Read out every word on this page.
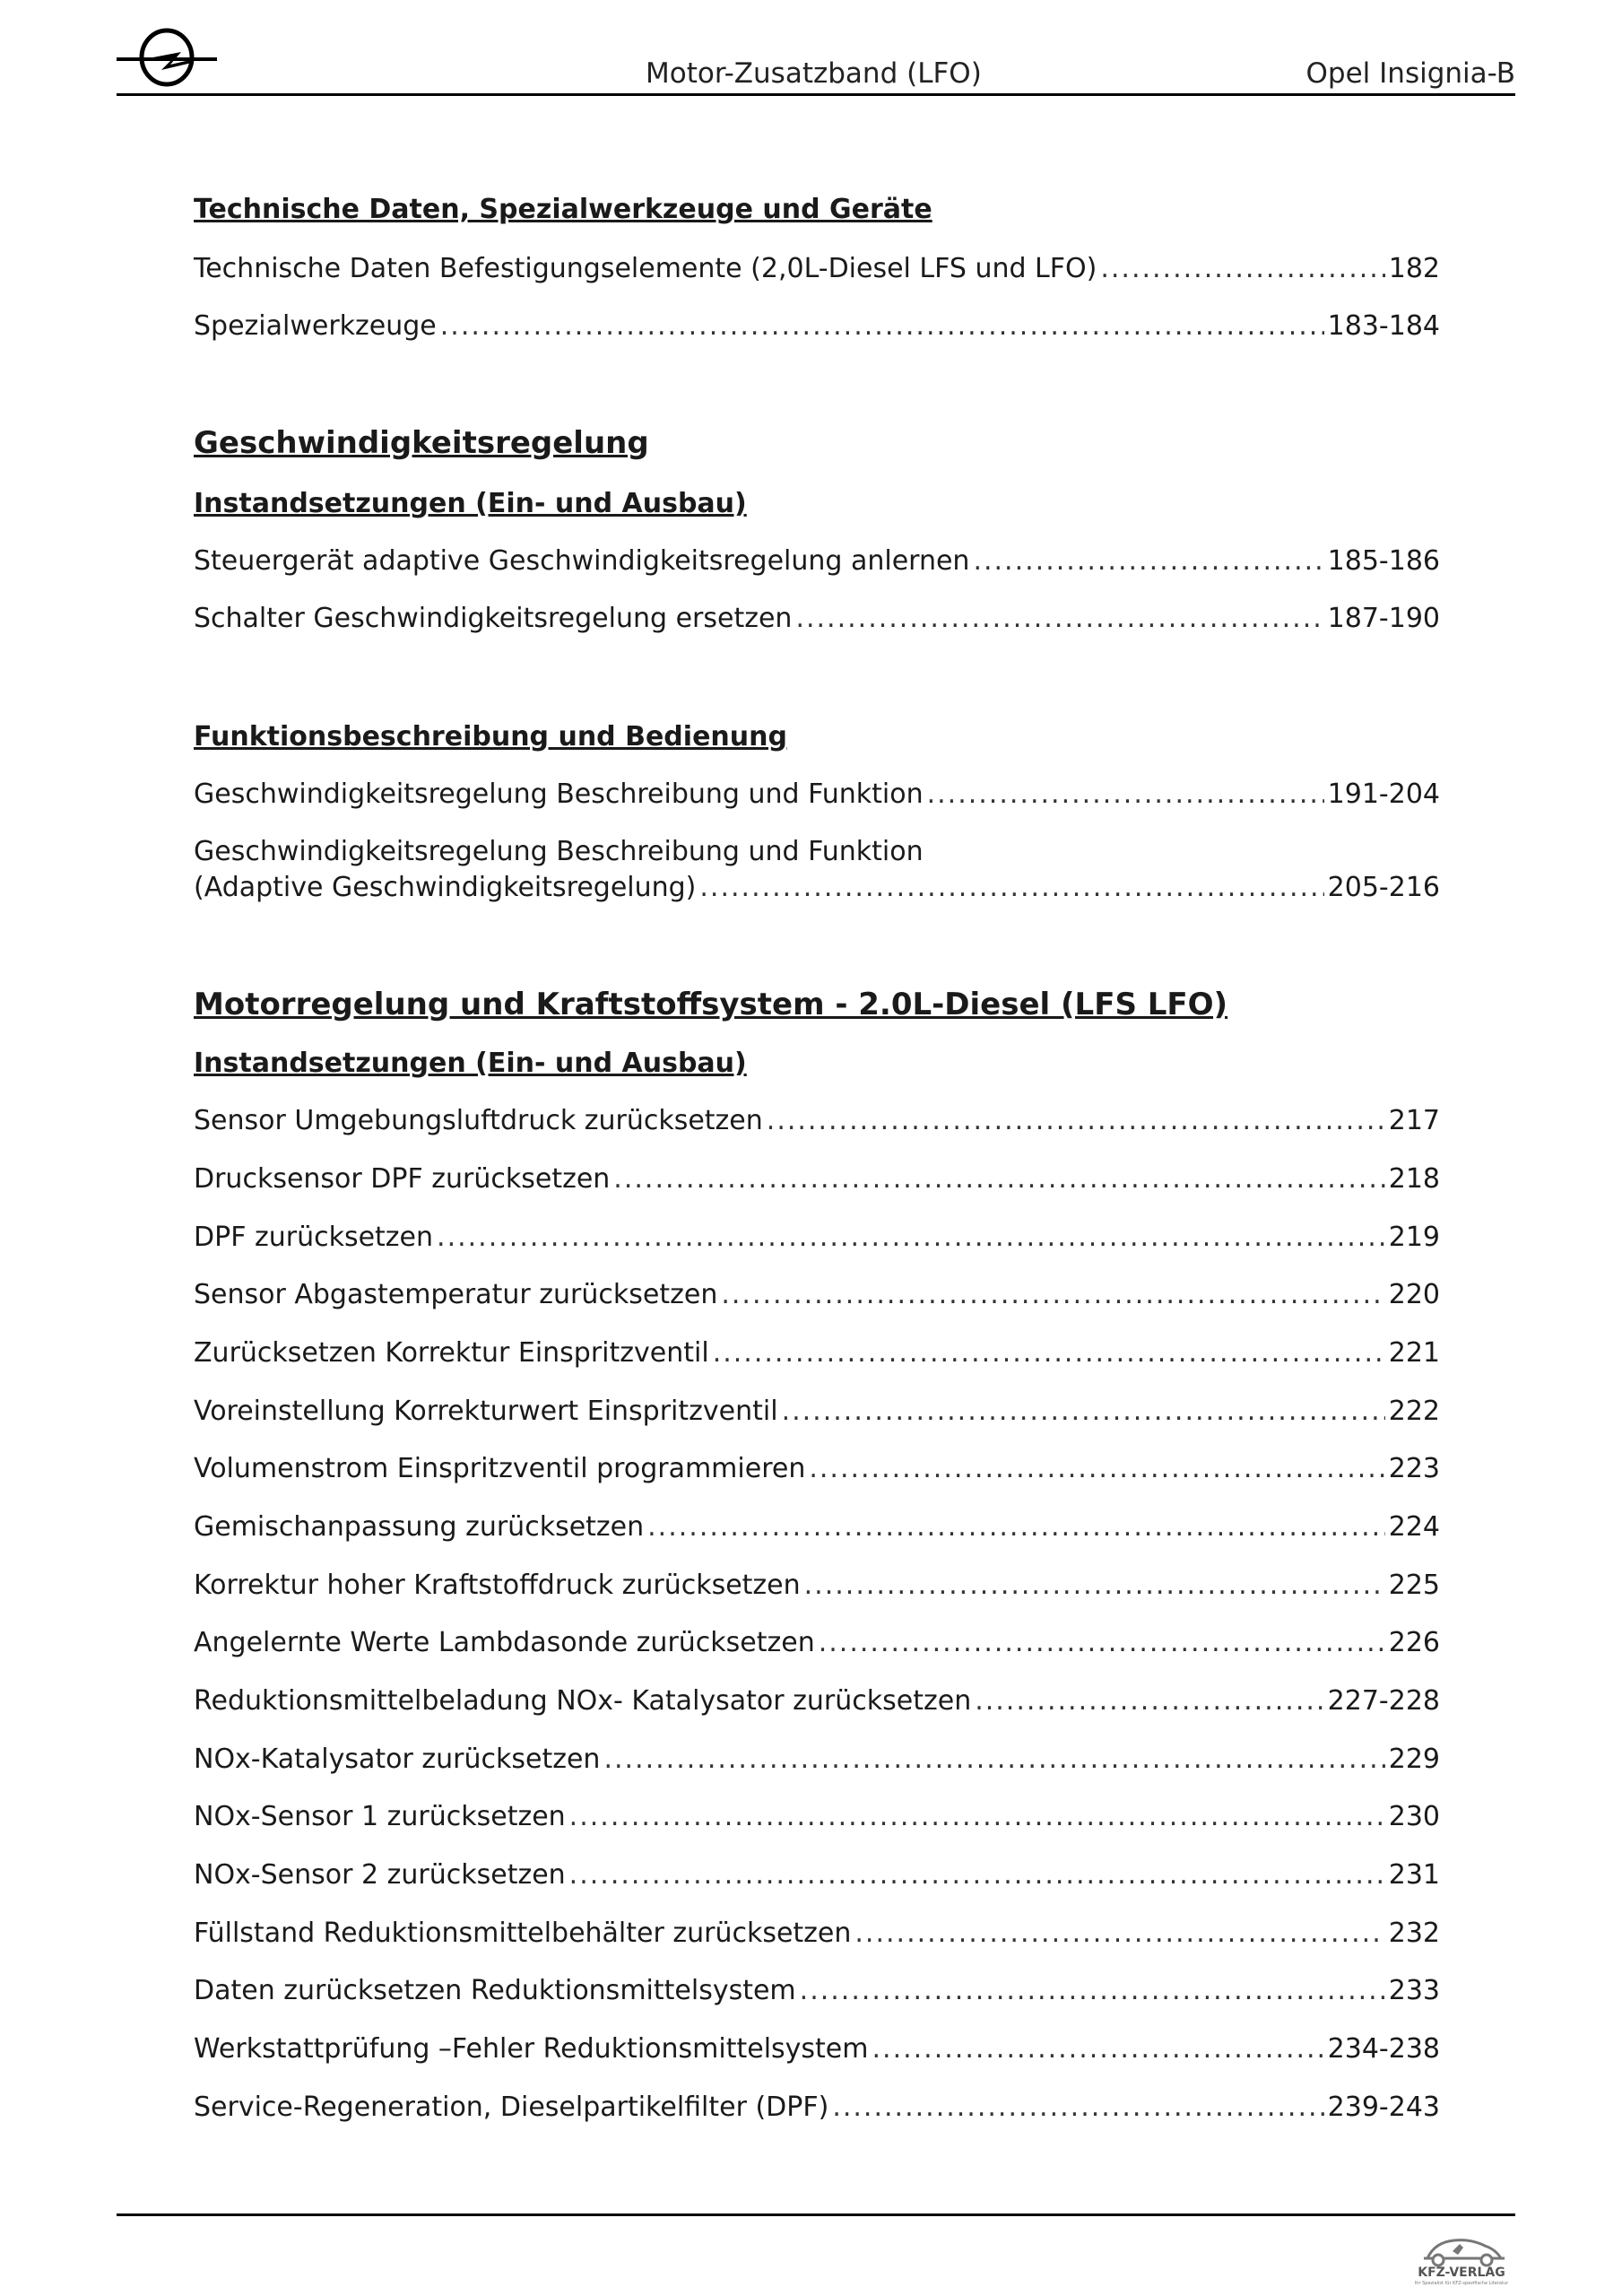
Motor-Zusatzband (LFO)	Opel Insignia-B
Technische Daten, Spezialwerkzeuge und Geräte
Technische Daten Befestigungselemente (2,0L-Diesel LFS und LFO) .....	182
Spezialwerkzeuge .....	183-184
Geschwindigkeitsregelung
Instandsetzungen (Ein- und Ausbau)
Steuergerät adaptive Geschwindigkeitsregelung anlernen .....	185-186
Schalter Geschwindigkeitsregelung ersetzen .....	187-190
Funktionsbeschreibung und Bedienung
Geschwindigkeitsregelung Beschreibung und Funktion .....	191-204
Geschwindigkeitsregelung Beschreibung und Funktion
(Adaptive Geschwindigkeitsregelung) .....	205-216
Motorregelung und Kraftstoffsystem - 2.0L-Diesel (LFS LFO)
Instandsetzungen (Ein- und Ausbau)
Sensor Umgebungsluftdruck zurücksetzen .....	217
Drucksensor DPF zurücksetzen .....	218
DPF zurücksetzen .....	219
Sensor Abgastemperatur zurücksetzen .....	220
Zurücksetzen Korrektur Einspritzventil .....	221
Voreinstellung Korrekturwert Einspritzventil .....	222
Volumenstrom Einspritzventil programmieren .....	223
Gemischanpassung zurücksetzen .....	224
Korrektur hoher Kraftstoffdruck zurücksetzen .....	225
Angelernte Werte Lambdasonde zurücksetzen .....	226
Reduktionsmittelbeladung NOx- Katalysator zurücksetzen .....	227-228
NOx-Katalysator zurücksetzen .....	229
NOx-Sensor 1 zurücksetzen .....	230
NOx-Sensor 2 zurücksetzen .....	231
Füllstand Reduktionsmittelbehälter zurücksetzen .....	232
Daten zurücksetzen Reduktionsmittelsystem .....	233
Werkstattprüfung –Fehler Reduktionsmittelsystem .....	234-238
Service-Regeneration, Dieselpartikelfilter (DPF) .....	239-243
KFZ-VERLAG
Ihr Spezialist für KFZ-spezifische Literatur
